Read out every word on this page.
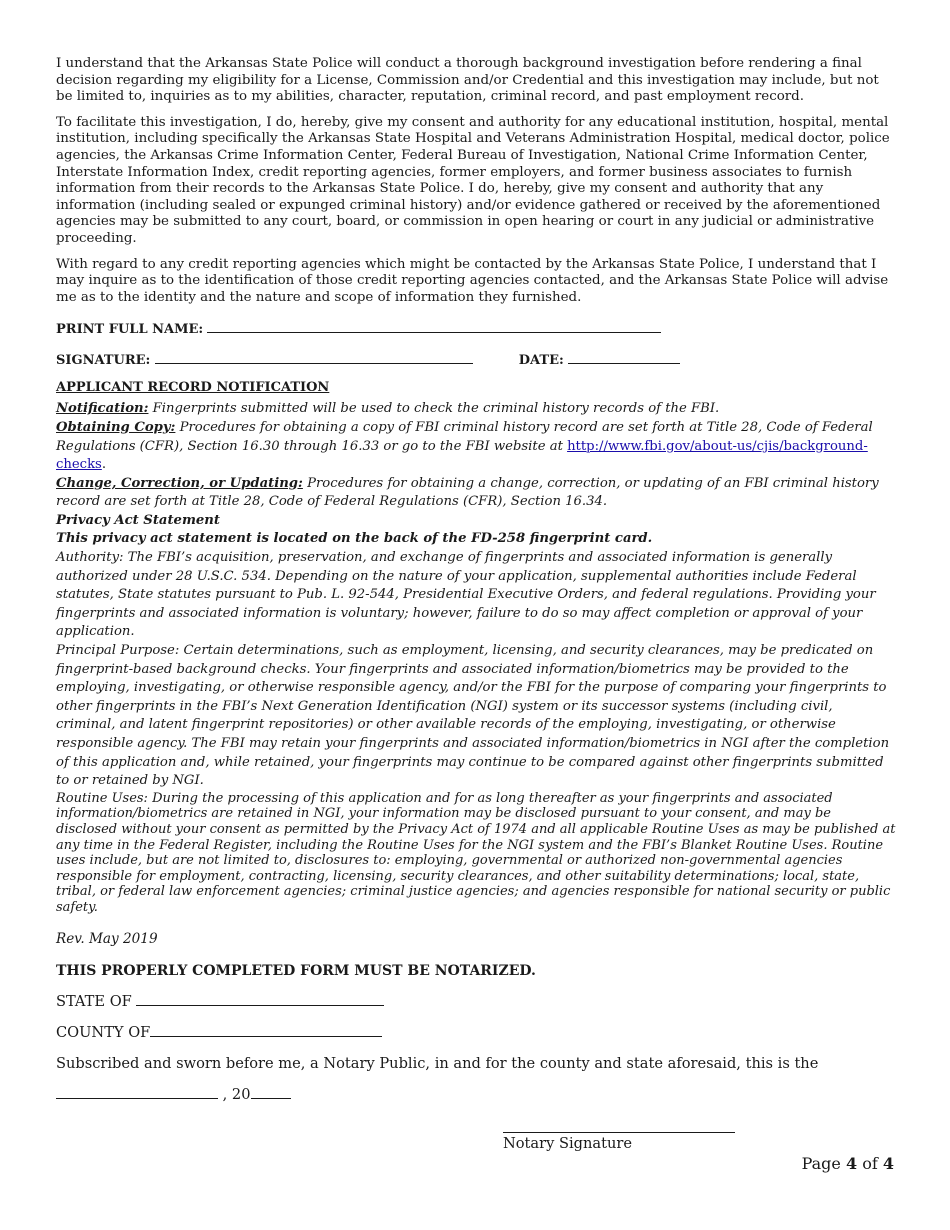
I understand that the Arkansas State Police will conduct a thorough background investigation before rendering a final decision regarding my eligibility for a License, Commission and/or Credential and this investigation may include, but not be limited to, inquiries as to my abilities, character, reputation, criminal record, and past employment record.

To facilitate this investigation, I do, hereby, give my consent and authority for any educational institution, hospital, mental institution, including specifically the Arkansas State Hospital and Veterans Administration Hospital, medical doctor, police agencies, the Arkansas Crime Information Center, Federal Bureau of Investigation, National Crime Information Center, Interstate Information Index, credit reporting agencies, former employers, and former business associates to furnish information from their records to the Arkansas State Police. I do, hereby, give my consent and authority that any information (including sealed or expunged criminal history) and/or evidence gathered or received by the aforementioned agencies may be submitted to any court, board, or commission in open hearing or court in any judicial or administrative proceeding.

With regard to any credit reporting agencies which might be contacted by the Arkansas State Police, I understand that I may inquire as to the identification of those credit reporting agencies contacted, and the Arkansas State Police will advise me as to the identity and the nature and scope of information they furnished.

PRINT FULL NAME:
SIGNATURE:	DATE:

APPLICANT RECORD NOTIFICATION

Notification: Fingerprints submitted will be used to check the criminal history records of the FBI.

Obtaining Copy: Procedures for obtaining a copy of FBI criminal history record are set forth at Title 28, Code of Federal Regulations (CFR), Section 16.30 through 16.33 or go to the FBI website at http://www.fbi.gov/about-us/cjis/background-checks.

Change, Correction, or Updating: Procedures for obtaining a change, correction, or updating of an FBI criminal history record are set forth at Title 28, Code of Federal Regulations (CFR), Section 16.34.

Privacy Act Statement

This privacy act statement is located on the back of the FD-258 fingerprint card.

Authority: The FBI’s acquisition, preservation, and exchange of fingerprints and associated information is generally authorized under 28 U.S.C. 534. Depending on the nature of your application, supplemental authorities include Federal statutes, State statutes pursuant to Pub. L. 92-544, Presidential Executive Orders, and federal regulations. Providing your fingerprints and associated information is voluntary; however, failure to do so may affect completion or approval of your application.

Principal Purpose: Certain determinations, such as employment, licensing, and security clearances, may be predicated on fingerprint-based background checks. Your fingerprints and associated information/biometrics may be provided to the employing, investigating, or otherwise responsible agency, and/or the FBI for the purpose of comparing your fingerprints to other fingerprints in the FBI’s Next Generation Identification (NGI) system or its successor systems (including civil, criminal, and latent fingerprint repositories) or other available records of the employing, investigating, or otherwise responsible agency. The FBI may retain your fingerprints and associated information/biometrics in NGI after the completion of this application and, while retained, your fingerprints may continue to be compared against other fingerprints submitted to or retained by NGI.

Routine Uses: During the processing of this application and for as long thereafter as your fingerprints and associated information/biometrics are retained in NGI, your information may be disclosed pursuant to your consent, and may be disclosed without your consent as permitted by the Privacy Act of 1974 and all applicable Routine Uses as may be published at any time in the Federal Register, including the Routine Uses for the NGI system and the FBI’s Blanket Routine Uses. Routine uses include, but are not limited to, disclosures to: employing, governmental or authorized non-governmental agencies responsible for employment, contracting, licensing, security clearances, and other suitability determinations; local, state, tribal, or federal law enforcement agencies; criminal justice agencies; and agencies responsible for national security or public safety.

Rev. May 2019

THIS PROPERLY COMPLETED FORM MUST BE NOTARIZED.

STATE OF
COUNTY OF

Subscribed and sworn before me, a Notary Public, in and for the county and state aforesaid, this is the

, 20

Notary Signature

Page 4 of 4
